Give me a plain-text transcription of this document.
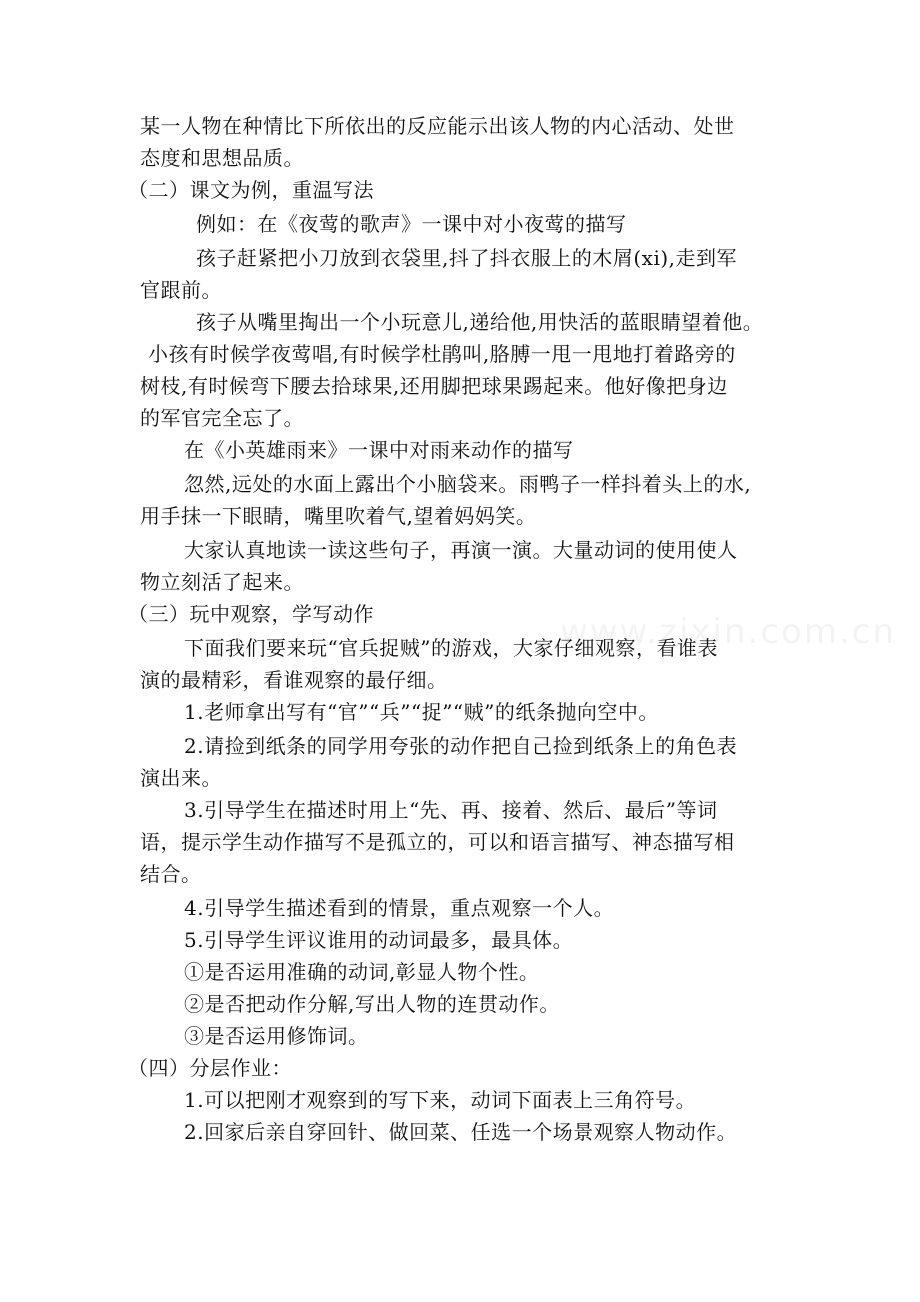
某一人物在种情比下所依出的反应能示出该人物的内心活动、处世
态度和思想品质。
（二）课文为例，重温写法
例如：在《夜莺的歌声》一课中对小夜莺的描写
孩子赶紧把小刀放到衣袋里,抖了抖衣服上的木屑(xi),走到军
官跟前。
孩子从嘴里掏出一个小玩意儿,递给他,用快活的蓝眼睛望着他。
小孩有时候学夜莺唱,有时候学杜鹃叫,胳膊一甩一甩地打着路旁的
树枝,有时候弯下腰去拾球果,还用脚把球果踢起来。他好像把身边
的军官完全忘了。
在《小英雄雨来》一课中对雨来动作的描写
忽然,远处的水面上露出个小脑袋来。雨鸭子一样抖着头上的水,
用手抹一下眼睛，嘴里吹着气,望着妈妈笑。
大家认真地读一读这些句子，再演一演。大量动词的使用使人
物立刻活了起来。
（三）玩中观察，学写动作
下面我们要来玩“官兵捉贼”的游戏，大家仔细观察，看谁表
演的最精彩，看谁观察的最仔细。
1.老师拿出写有“官”“兵”“捉”“贼”的纸条抛向空中。
2.请捡到纸条的同学用夸张的动作把自己捡到纸条上的角色表
演出来。
3.引导学生在描述时用上“先、再、接着、然后、最后”等词
语，提示学生动作描写不是孤立的，可以和语言描写、神态描写相
结合。
4.引导学生描述看到的情景，重点观察一个人。
5.引导学生评议谁用的动词最多，最具体。
①是否运用准确的动词,彰显人物个性。
②是否把动作分解,写出人物的连贯动作。
③是否运用修饰词。
（四）分层作业：
1.可以把刚才观察到的写下来，动词下面表上三角符号。
2.回家后亲自穿回针、做回菜、任选一个场景观察人物动作。
